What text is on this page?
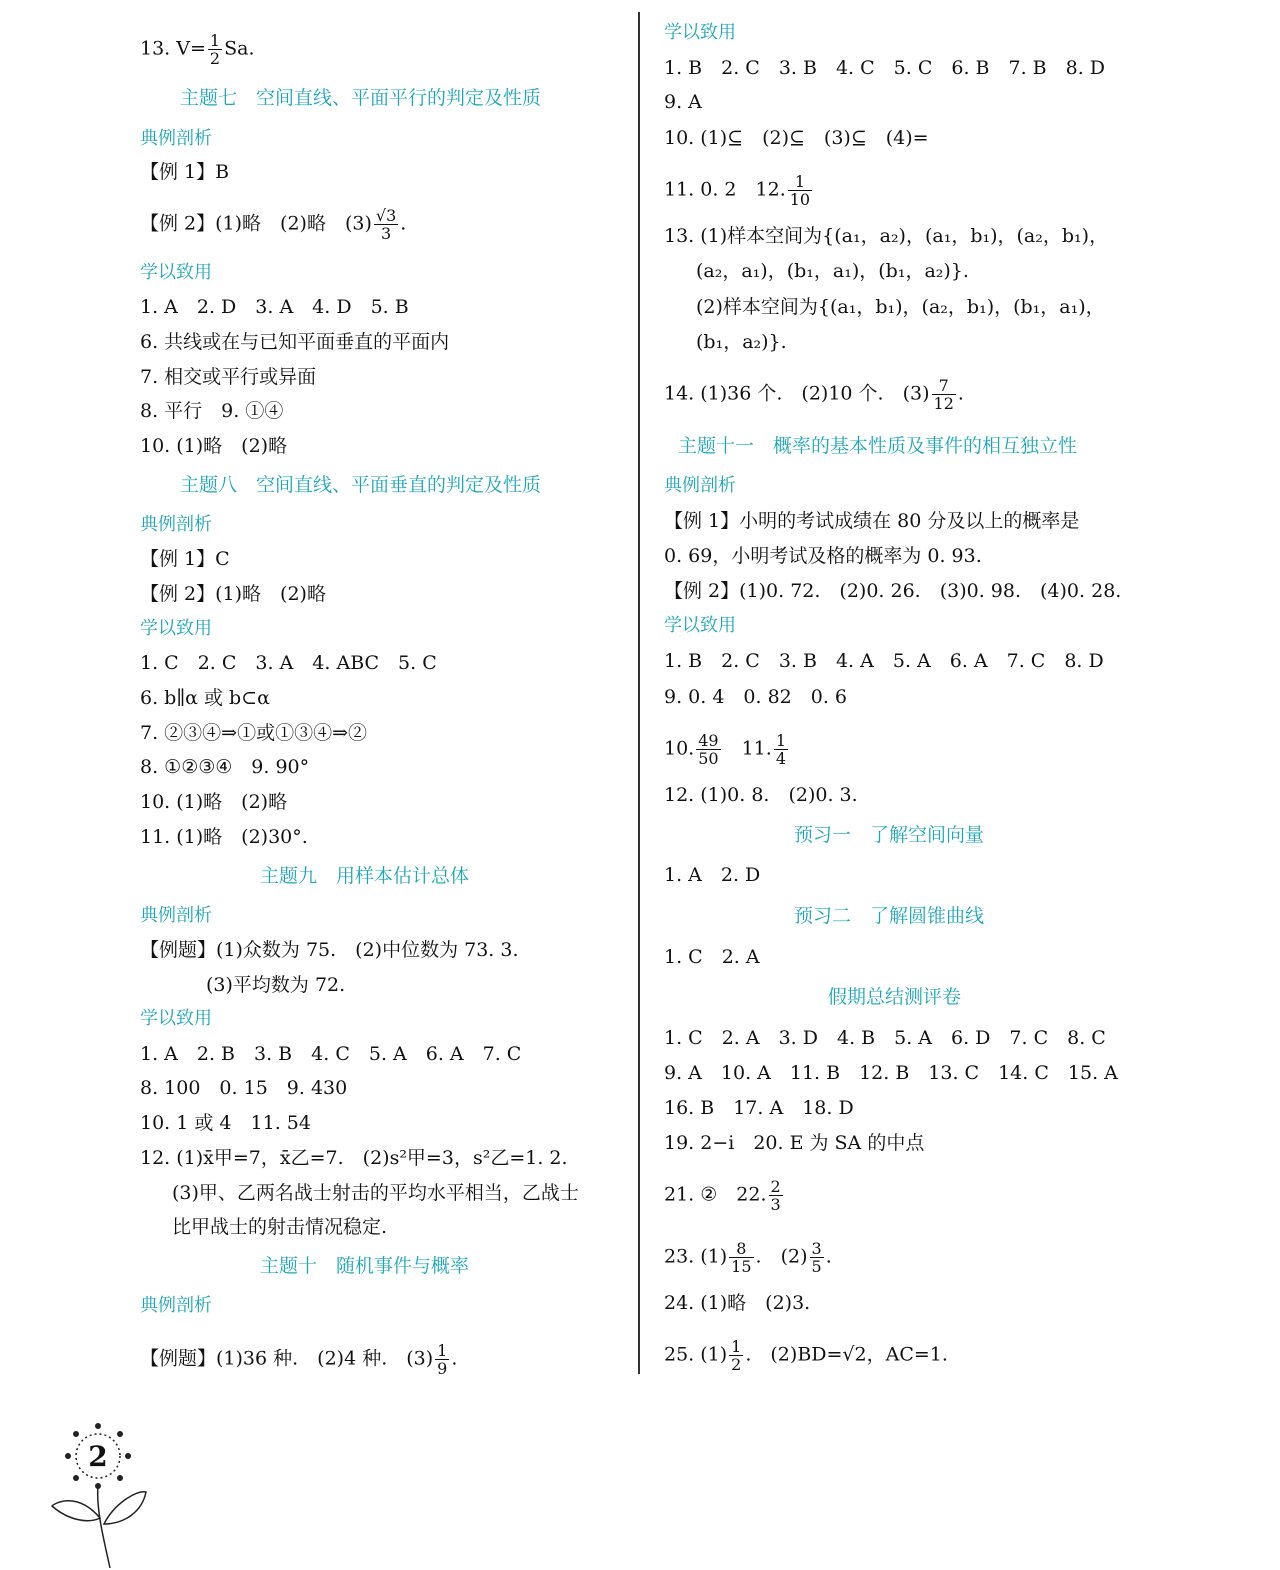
13. $V= \frac{1}{2} Sa$.
主题七　空间直线、平面平行的判定及性质
典例剖析
【例 1】B
【例 2】(1)略　(2)略　$(3) \frac{√3}{3}$ .
学以致用
1. A　2. D　3. A　4. D　5. B
6. 共线或在与已知平面垂直的平面内
7. 相交或平行或异面
8. 平行　9. ①④
10. (1)略　(2)略
主题八　空间直线、平面垂直的判定及性质
典例剖析
【例 1】C
【例 2】(1)略　(2)略
学以致用
1. C　2. C　3. A　4. ABC　5. C
6. b∥α 或 b⊂α
7. ②③④⇒①或①③④⇒②
8. ①②③④　9. 90°
10. (1)略　(2)略
11. (1)略　(2)30°.
主题九　用样本估计总体
典例剖析
【例题】(1)众数为 75.　(2)中位数为 73. 3.
(3)平均数为 72.
学以致用
1. A　2. B　3. B　4. C　5. A　6. A　7. C
8. 100　0. 15　9. 430
10. 1 或 4　11. 54
12. (1)x̄甲=7，x̄乙=7.　(2)s²甲=3，s²乙=1. 2.
(3)甲、乙两名战士射击的平均水平相当，乙战士
比甲战士的射击情况稳定.
主题十　随机事件与概率
典例剖析
【例题】(1)36 种.　(2)4 种.　$(3) \frac{1}{9}$ .
学以致用
1. B　2. C　3. B　4. C　5. C　6. B　7. B　8. D
9. A
10. (1)⊆　(2)⊆　(3)⊆　(4)=
11. 0. 2　12. $\frac{1}{10}$
13. (1)样本空间为{(a₁，a₂)，(a₁，b₁)，(a₂，b₁)，
(a₂，a₁)，(b₁，a₁)，(b₁，a₂)}.
(2)样本空间为{(a₁，b₁)，(a₂，b₁)，(b₁，a₁)，
(b₁，a₂)}.
14. (1)36 个.　(2)10 个.　$(3) \frac{7}{12}$ .
主题十一　概率的基本性质及事件的相互独立性
典例剖析
【例 1】小明的考试成绩在 80 分及以上的概率是
0. 69，小明考试及格的概率为 0. 93.
【例 2】(1)0. 72.　(2)0. 26.　(3)0. 98.　(4)0. 28.
学以致用
1. B　2. C　3. B　4. A　5. A　6. A　7. C　8. D
9. 0. 4　0. 82　0. 6
10. $\frac{49}{50}$
　 11. $\frac{1}{4}$
12. (1)0. 8.　(2)0. 3.
预习一　了解空间向量
1. A　2. D
预习二　了解圆锥曲线
1. C　2. A
假期总结测评卷
1. C　2. A　3. D　4. B　5. A　6. D　7. C　8. C
9. A　10. A　11. B　12. B　13. C　14. C　15. A
16. B　17. A　18. D
19. 2−i　20. E 为 SA 的中点
21. ②　22. $\frac{2}{3}$
23. $(1) \frac{8}{15}$ .　$(2) \frac{3}{5}$ .
24. (1)略　(2)3.
25. $(1) \frac{1}{2}$ .　(2)BD=√2，AC=1.
2
